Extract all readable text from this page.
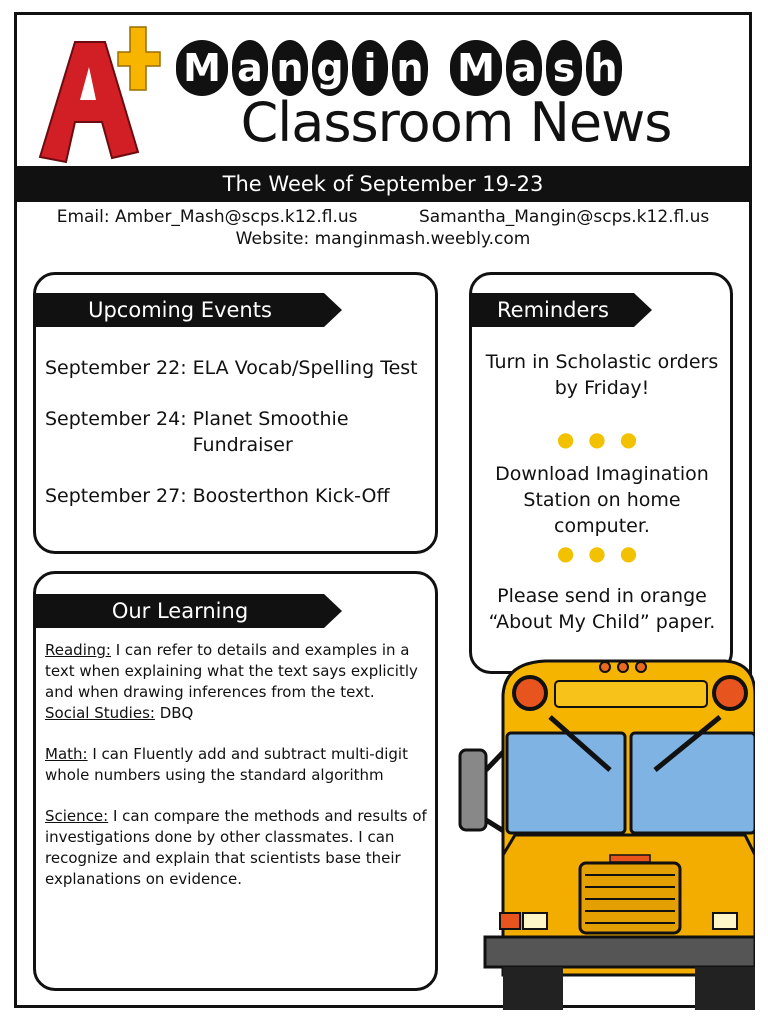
M a n g i n M a s h
Classroom News
The Week of September 19-23
Email: Amber_Mash@scps.k12.fl.us	Samantha_Mangin@scps.k12.fl.us
Website: manginmash.weebly.com
Upcoming Events
September 22: ELA Vocab/Spelling Test
September 24: Planet Smoothie Fundraiser
September 27: Boosterthon Kick-Off
Our Learning

Reading: I can refer to details and examples in a text when explaining what the text says explicitly and when drawing inferences from the text.

Social Studies: DBQ

Math: I can Fluently add and subtract multi-digit whole numbers using the standard algorithm

Science: I can compare the methods and results of investigations done by other classmates. I can recognize and explain that scientists base their explanations on evidence.

Reminders
Turn in Scholastic orders by Friday!
●●●
Download Imagination Station on home computer.
●●●
Please send in orange “About My Child” paper.
